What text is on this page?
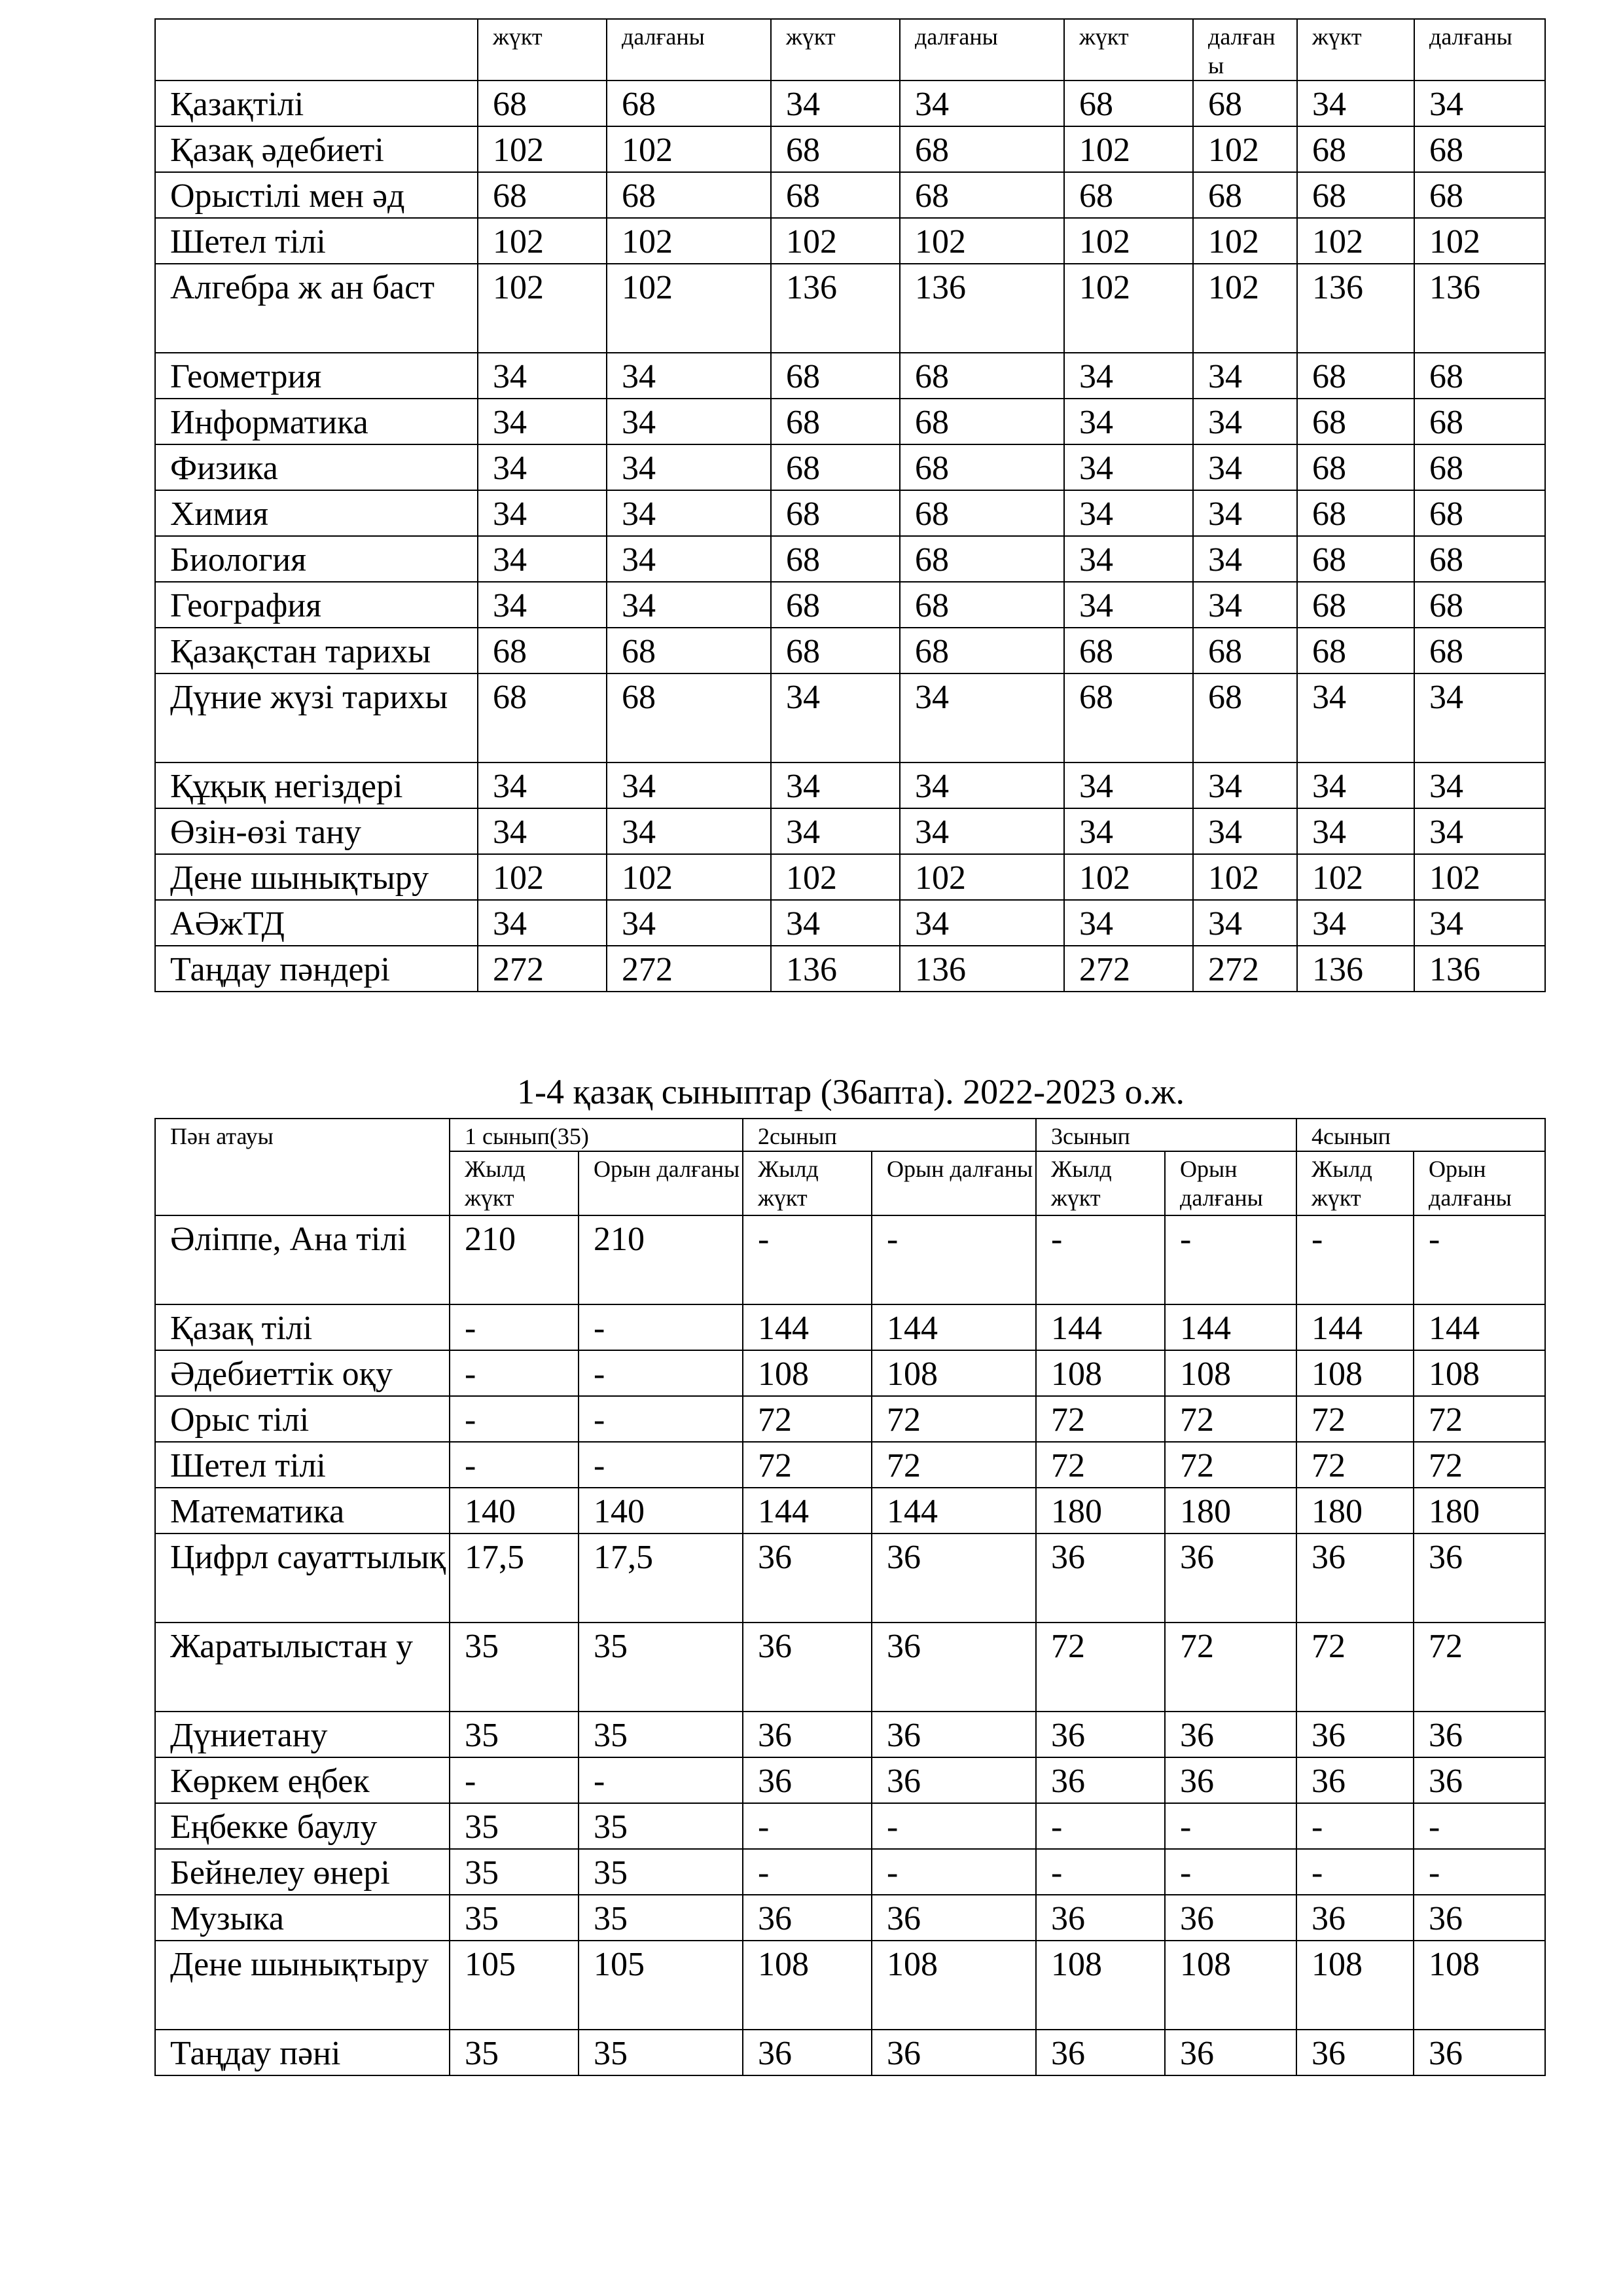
	жүкт	далғаны	жүкт	далғаны	жүкт	далған ы	жүкт	далғаны
Қазақтілі	68	68	34	34	68	68	34	34
Қазақ әдебиеті	102	102	68	68	102	102	68	68
Орыстілі мен әд	68	68	68	68	68	68	68	68
Шетел тілі	102	102	102	102	102	102	102	102
Алгебра ж ан баст	102	102	136	136	102	102	136	136
Геометрия	34	34	68	68	34	34	68	68
Информатика	34	34	68	68	34	34	68	68
Физика	34	34	68	68	34	34	68	68
Химия	34	34	68	68	34	34	68	68
Биология	34	34	68	68	34	34	68	68
География	34	34	68	68	34	34	68	68
Қазақстан тарихы	68	68	68	68	68	68	68	68
Дүние жүзі тарихы	68	68	34	34	68	68	34	34
Құқық негіздері	34	34	34	34	34	34	34	34
Өзін-өзі тану	34	34	34	34	34	34	34	34
Дене шынықтыру	102	102	102	102	102	102	102	102
АӘжТД	34	34	34	34	34	34	34	34
Таңдау пәндері	272	272	136	136	272	272	136	136
1-4 қазақ сыныптар (36апта). 2022-2023 о.ж.
Пән атауы	1 сынып(35)		2сынып		3сынып		4сынып	
	Жылд жүкт	Орын далғаны	Жылд жүкт	Орын далғаны	Жылд жүкт	Орын далғаны	Жылд жүкт	Орын далғаны
Әліппе, Ана тілі	210	210	-	-	-	-	-	-
Қазақ тілі	-	-	144	144	144	144	144	144
Әдебиеттік оқу	-	-	108	108	108	108	108	108
Орыс тілі	-	-	72	72	72	72	72	72
Шетел тілі	-	-	72	72	72	72	72	72
Математика	140	140	144	144	180	180	180	180
Цифрл сауаттылық	17,5	17,5	36	36	36	36	36	36
Жаратылыстан у	35	35	36	36	72	72	72	72
Дүниетану	35	35	36	36	36	36	36	36
Көркем еңбек	-	-	36	36	36	36	36	36
Еңбекке баулу	35	35	-	-	-	-	-	-
Бейнелеу өнері	35	35	-	-	-	-	-	-
Музыка	35	35	36	36	36	36	36	36
Дене шынықтыру	105	105	108	108	108	108	108	108
Таңдау пәні	35	35	36	36	36	36	36	36
